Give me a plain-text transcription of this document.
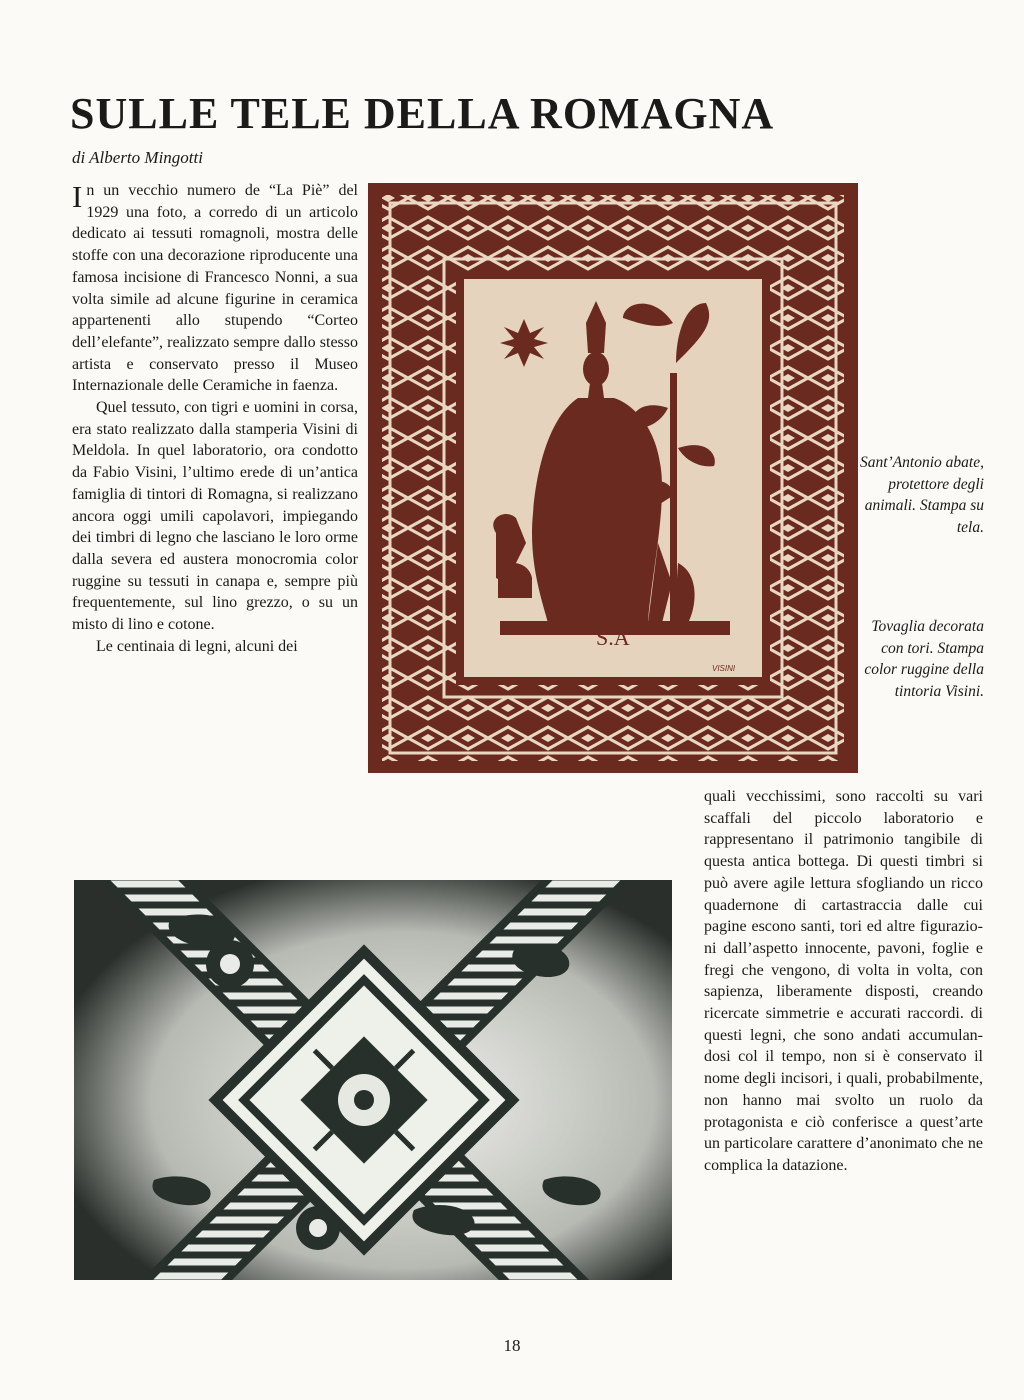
SULLE TELE DELLA ROMAGNA
di Alberto Mingotti

In un vecchio numero de “La Piè” del 1929 una foto, a corredo di un articolo dedicato ai tessuti romagnoli, mostra delle stoffe con una decorazione riproducente una famosa incisione di Francesco Nonni, a sua volta simile ad alcune figurine in ceramica appartenenti allo stupendo “Corteo dell’elefante”, realizzato sempre dallo stesso artista e conservato presso il Museo Internazionale delle Ceramiche in faenza.

Quel tessuto, con tigri e uomini in corsa, era stato realizzato dalla stamperia Visini di Meldola. In quel laboratorio, ora condotto da Fabio Visini, l’ultimo erede di un’antica famiglia di tintori di Romagna, si realizzano ancora oggi umili capolavori, impiegando dei timbri di legno che lasciano le loro orme dalla severa ed austera monocromia color ruggine su tessuti in canapa e, sempre più frequentemente, sul lino grezzo, o su un misto di lino e cotone.

Le centinaia di legni, alcuni dei	S.A
VISINI
Sant’Antonio abate, protettore degli animali. Stampa su tela.
Tovaglia decorata con tori. Stampa color ruggine della tintoria Visini.

quali vecchissimi, sono raccolti su vari scaffali del piccolo laboratorio e rappresentano il patrimonio tangibile di questa antica bottega. Di questi timbri si può avere agile lettura sfogliando un ricco quadernone di cartastraccia dalle cui pagine escono santi, tori ed altre figurazioni dall’aspetto innocente, pavoni, foglie e fregi che vengono, di volta in volta, con sapienza, liberamente disposti, creando ricercate simmetrie e accurati raccordi. di questi legni, che sono andati accumulandosi col il tempo, non si è conservato il nome degli incisori, i quali, probabilmente, non hanno mai svolto un ruolo da protagonista e ciò conferisce a quest’arte un particolare carattere d’anonimato che ne complica la datazione.

18
